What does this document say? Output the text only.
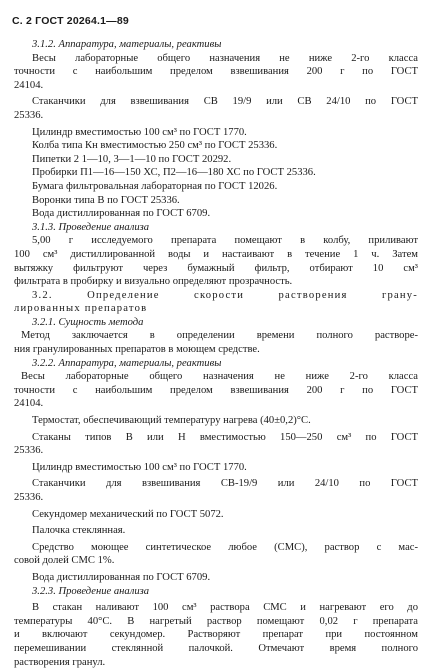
С. 2 ГОСТ 20264.1—89
3.1.2. Аппаратура, материалы, реактивы
Весы лабораторные общего назначения не ниже 2-го класса
точности с наибольшим пределом взвешивания 200 г по ГОСТ
24104.
Стаканчики для взвешивания СВ 19/9 или СВ 24/10 по ГОСТ
25336.
Цилиндр вместимостью 100 см³ по ГОСТ 1770.
Колба типа Кн вместимостью 250 см³ по ГОСТ 25336.
Пипетки 2 1—10, 3—1—10 по ГОСТ 20292.
Пробирки П1—16—150 ХС, П2—16—180 ХС по ГОСТ 25336.
Бумага фильтровальная лабораторная по ГОСТ 12026.
Воронки типа В по ГОСТ 25336.
Вода дистиллированная по ГОСТ 6709.
3.1.3. Проведение анализа
5,00 г исследуемого препарата помещают в колбу, приливают
100 см³ дистиллированной воды и настаивают в течение 1 ч. Затем
вытяжку фильтруют через бумажный фильтр, отбирают 10 см³
фильтрата в пробирку и визуально определяют прозрачность.
3.2. Определение скорости растворения грану-
лированных препаратов
3.2.1. Сущность метода
Метод заключается в определении времени полного растворе-
ния гранулированных препаратов в моющем средстве.
3.2.2. Аппаратура, материалы, реактивы
Весы лабораторные общего назначения не ниже 2-го класса
точности с наибольшим пределом взвешивания 200 г по ГОСТ
24104.
Термостат, обеспечивающий температуру нагрева (40±0,2)°С.
Стаканы типов В или Н вместимостью 150—250 см³ по ГОСТ
25336.
Цилиндр вместимостью 100 см³ по ГОСТ 1770.
Стаканчики для взвешивания СВ-19/9 или 24/10 по ГОСТ
25336.
Секундомер механический по ГОСТ 5072.
Палочка стеклянная.
Средство моющее синтетическое любое (СМС), раствор с мас-
совой долей СМС 1%.
Вода дистиллированная по ГОСТ 6709.
3.2.3. Проведение анализа
В стакан наливают 100 см³ раствора СМС и нагревают его до
температуры 40°С. В нагретый раствор помещают 0,02 г препарата
и включают секундомер. Растворяют препарат при постоянном
перемешивании стеклянной палочкой. Отмечают время полного
растворения гранул.
